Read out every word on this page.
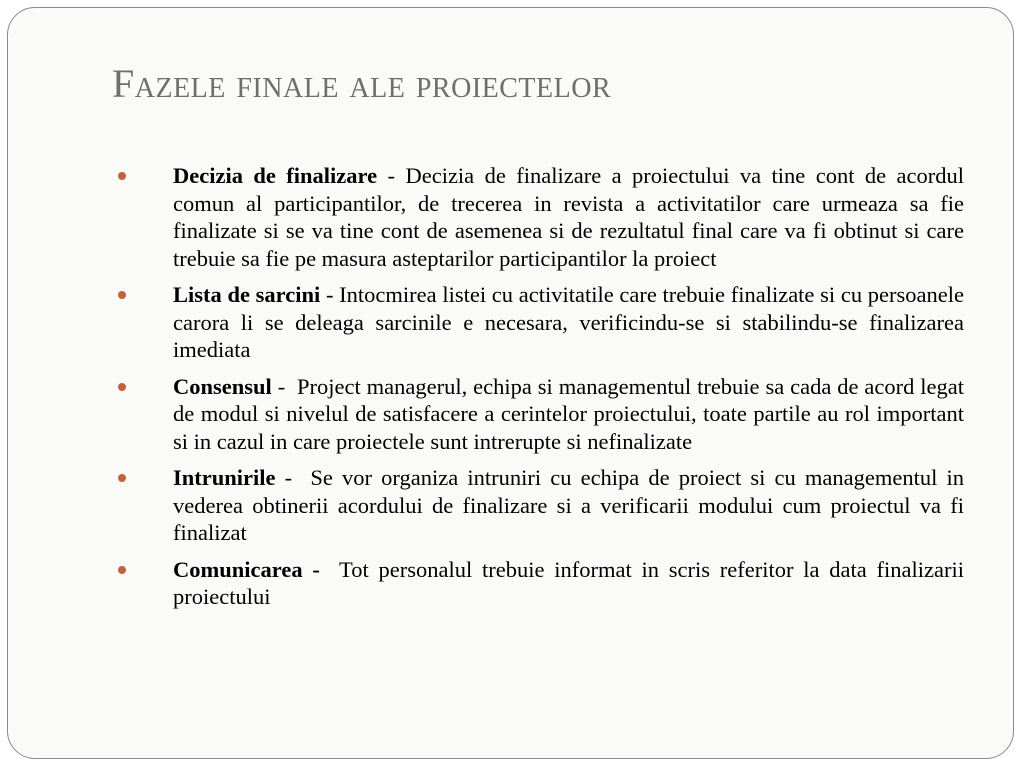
Fazele finale ale proiectelor
Decizia de finalizare - Decizia de finalizare a proiectului va tine cont de acordul comun al participantilor, de trecerea in revista a activitatilor care urmeaza sa fie finalizate si se va tine cont de asemenea si de rezultatul final care va fi obtinut si care trebuie sa fie pe masura asteptarilor participantilor la proiect
Lista de sarcini - Intocmirea listei cu activitatile care trebuie finalizate si cu persoanele carora li se deleaga sarcinile e necesara, verificindu-se si stabilindu-se finalizarea imediata
Consensul -  Project managerul, echipa si managementul trebuie sa cada de acord legat de modul si nivelul de satisfacere a cerintelor proiectului, toate partile au rol important si in cazul in care proiectele sunt intrerupte si nefinalizate
Intrunirile -  Se vor organiza intruniri cu echipa de proiect si cu managementul in vederea obtinerii acordului de finalizare si a verificarii modului cum proiectul va fi finalizat
Comunicarea - Tot personalul trebuie informat in scris referitor la data finalizarii proiectului
